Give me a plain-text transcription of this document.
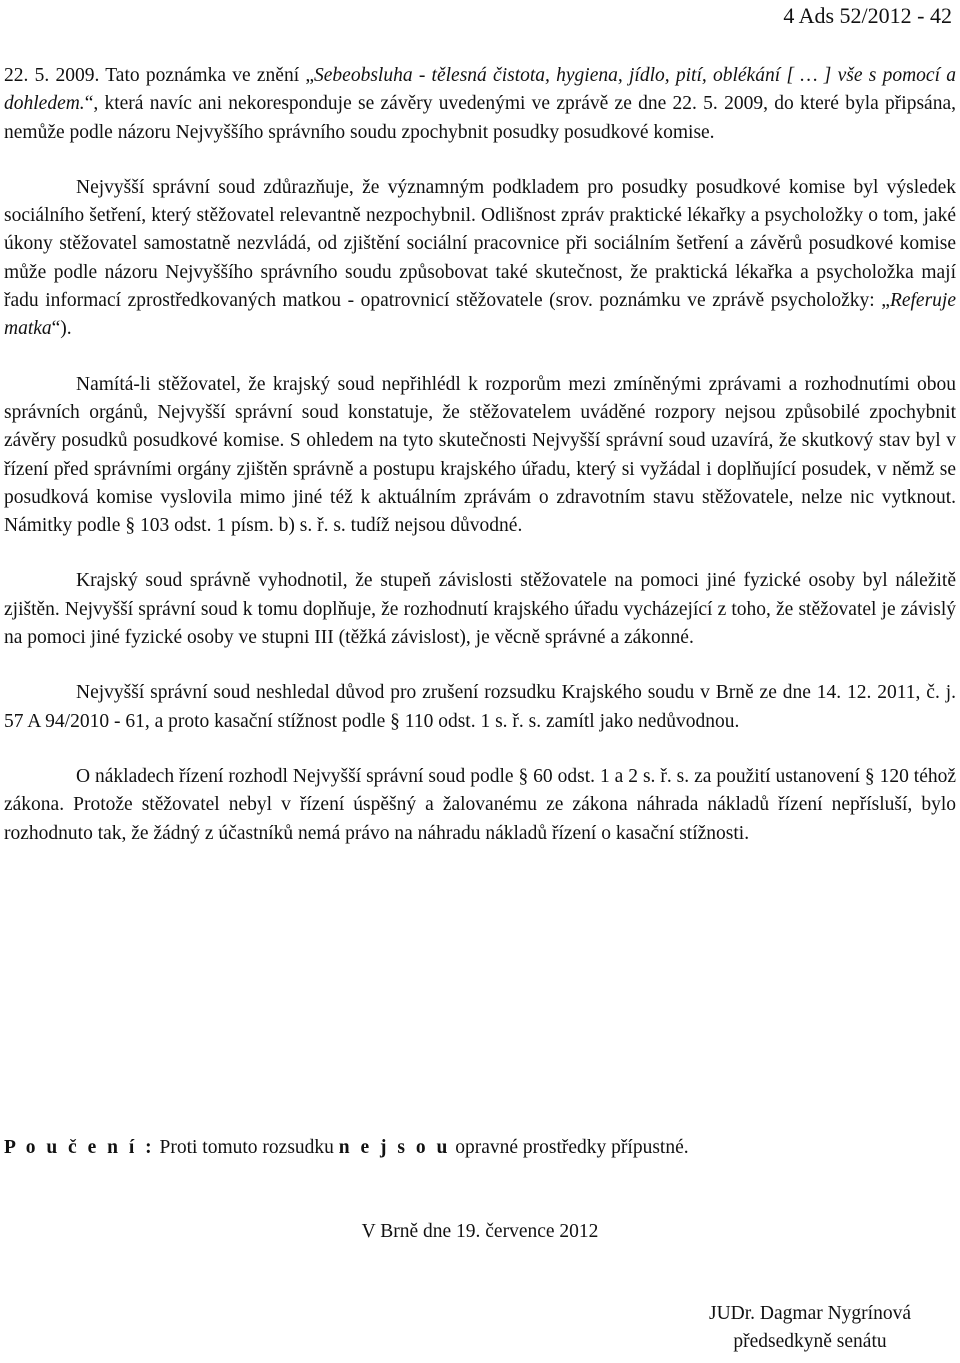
4 Ads 52/2012 - 42

22. 5. 2009. Tato poznámka ve znění „Sebeobsluha - tělesná čistota, hygiena, jídlo, pití, oblékání [ … ] vše s pomocí a dohledem.“, která navíc ani nekoresponduje se závěry uvedenými ve zprávě ze dne 22. 5. 2009, do které byla připsána, nemůže podle názoru Nejvyššího správního soudu zpochybnit posudky posudkové komise.

Nejvyšší správní soud zdůrazňuje, že významným podkladem pro posudky posudkové komise byl výsledek sociálního šetření, který stěžovatel relevantně nezpochybnil. Odlišnost zpráv praktické lékařky a psycholožky o tom, jaké úkony stěžovatel samostatně nezvládá, od zjištění sociální pracovnice při sociálním šetření a závěrů posudkové komise může podle názoru Nejvyššího správního soudu způsobovat také skutečnost, že praktická lékařka a psycholožka mají řadu informací zprostředkovaných matkou - opatrovnicí stěžovatele (srov. poznámku ve zprávě psycholožky: „Referuje matka“).

Namítá-li stěžovatel, že krajský soud nepřihlédl k rozporům mezi zmíněnými zprávami a rozhodnutími obou správních orgánů, Nejvyšší správní soud konstatuje, že stěžovatelem uváděné rozpory nejsou způsobilé zpochybnit závěry posudků posudkové komise. S ohledem na tyto skutečnosti Nejvyšší správní soud uzavírá, že skutkový stav byl v řízení před správními orgány zjištěn správně a postupu krajského úřadu, který si vyžádal i doplňující posudek, v němž se posudková komise vyslovila mimo jiné též k aktuálním zprávám o zdravotním stavu stěžovatele, nelze nic vytknout. Námitky podle § 103 odst. 1 písm. b) s. ř. s. tudíž nejsou důvodné.

Krajský soud správně vyhodnotil, že stupeň závislosti stěžovatele na pomoci jiné fyzické osoby byl náležitě zjištěn. Nejvyšší správní soud k tomu doplňuje, že rozhodnutí krajského úřadu vycházející z toho, že stěžovatel je závislý na pomoci jiné fyzické osoby ve stupni III (těžká závislost), je věcně správné a zákonné.

Nejvyšší správní soud neshledal důvod pro zrušení rozsudku Krajského soudu v Brně ze dne 14. 12. 2011, č. j. 57 A 94/2010 - 61, a proto kasační stížnost podle § 110 odst. 1 s. ř. s. zamítl jako nedůvodnou.

O nákladech řízení rozhodl Nejvyšší správní soud podle § 60 odst. 1 a 2 s. ř. s. za použití ustanovení § 120 téhož zákona. Protože stěžovatel nebyl v řízení úspěšný a žalovanému ze zákona náhrada nákladů řízení nepřísluší, bylo rozhodnuto tak, že žádný z účastníků nemá právo na náhradu nákladů řízení o kasační stížnosti.

P o u č e n í : Proti tomuto rozsudku n e j s o u opravné prostředky přípustné.
V Brně dne 19. července 2012
JUDr. Dagmar Nygrínová
předsedkyně senátu
